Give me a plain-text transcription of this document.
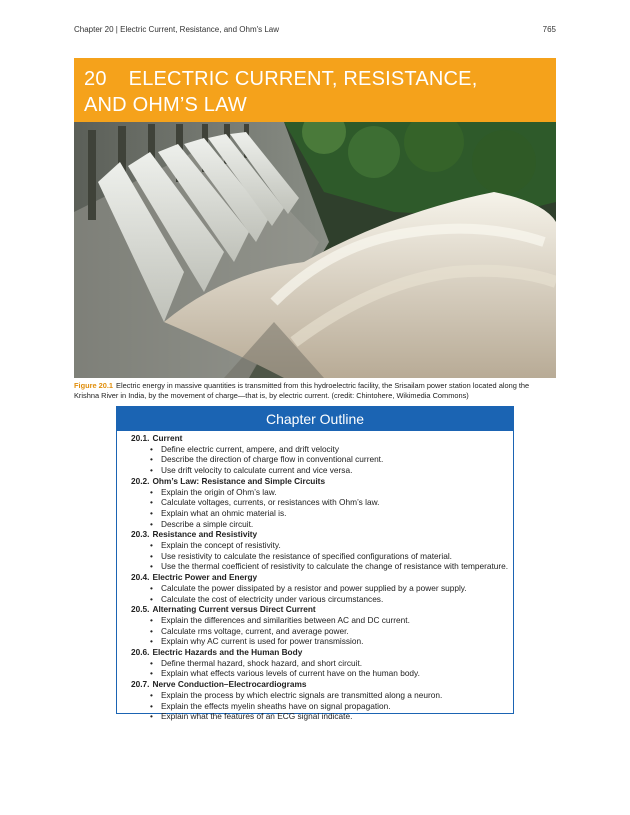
Chapter 20 | Electric Current, Resistance, and Ohm's Law	765
20 ELECTRIC CURRENT, RESISTANCE,
AND OHM’S LAW
Figure 20.1 Electric energy in massive quantities is transmitted from this hydroelectric facility, the Srisailam power station located along the Krishna River in India, by the movement of charge—that is, by electric current. (credit: Chintohere, Wikimedia Commons)
Chapter Outline
20.1. Current
• Define electric current, ampere, and drift velocity
• Describe the direction of charge flow in conventional current.
• Use drift velocity to calculate current and vice versa.
20.2. Ohm’s Law: Resistance and Simple Circuits
• Explain the origin of Ohm’s law.
• Calculate voltages, currents, or resistances with Ohm’s law.
• Explain what an ohmic material is.
• Describe a simple circuit.
20.3. Resistance and Resistivity
• Explain the concept of resistivity.
• Use resistivity to calculate the resistance of specified configurations of material.
• Use the thermal coefficient of resistivity to calculate the change of resistance with temperature.
20.4. Electric Power and Energy
• Calculate the power dissipated by a resistor and power supplied by a power supply.
• Calculate the cost of electricity under various circumstances.
20.5. Alternating Current versus Direct Current
• Explain the differences and similarities between AC and DC current.
• Calculate rms voltage, current, and average power.
• Explain why AC current is used for power transmission.
20.6. Electric Hazards and the Human Body
• Define thermal hazard, shock hazard, and short circuit.
• Explain what effects various levels of current have on the human body.
20.7. Nerve Conduction–Electrocardiograms
• Explain the process by which electric signals are transmitted along a neuron.
• Explain the effects myelin sheaths have on signal propagation.
• Explain what the features of an ECG signal indicate.
